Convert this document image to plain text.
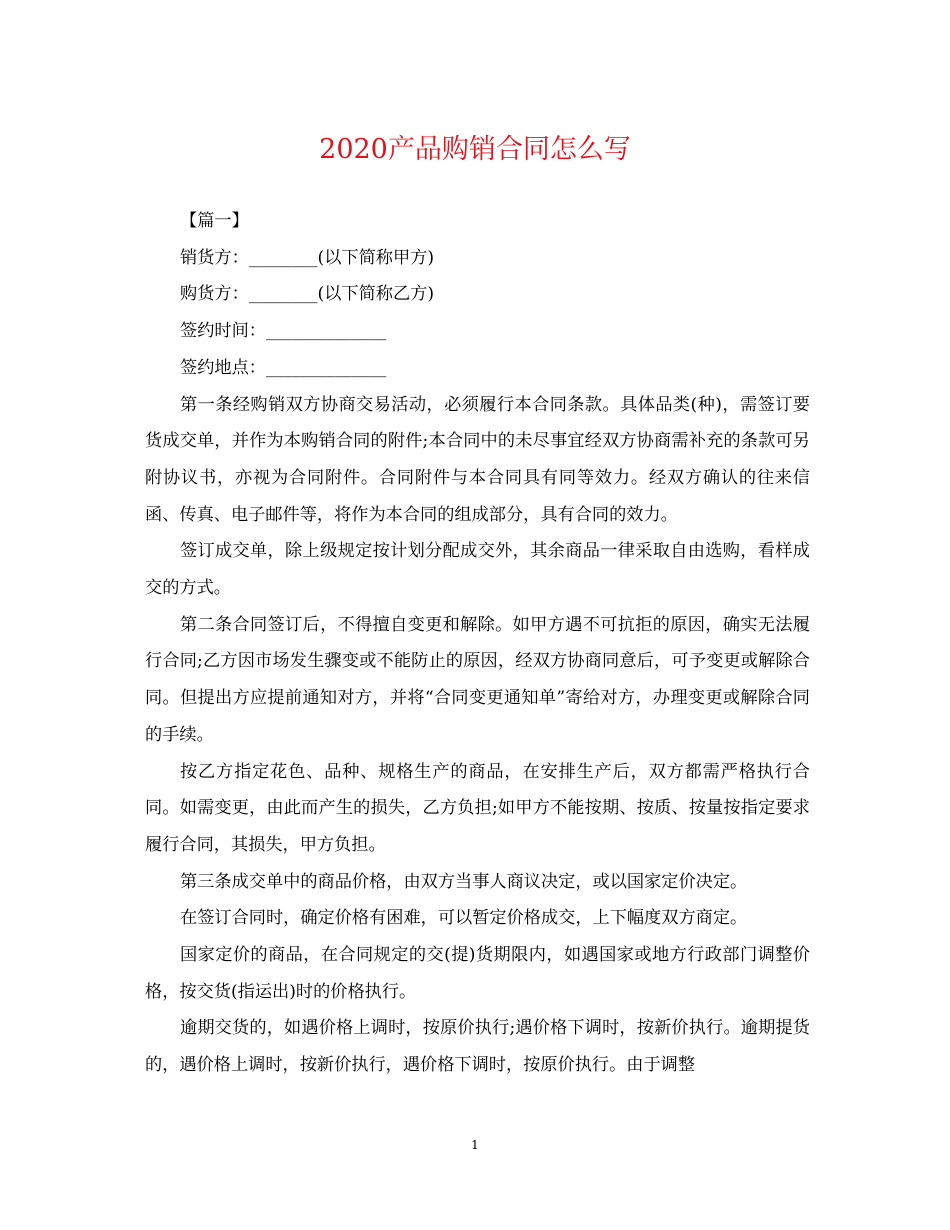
2020产品购销合同怎么写

【篇一】

销货方：________(以下简称甲方)

购货方：________(以下简称乙方)

签约时间：______________

签约地点：______________

第一条经购销双方协商交易活动，必须履行本合同条款。具体品类(种)，需签订要货成交单，并作为本购销合同的附件;本合同中的未尽事宜经双方协商需补充的条款可另附协议书，亦视为合同附件。合同附件与本合同具有同等效力。经双方确认的往来信函、传真、电子邮件等，将作为本合同的组成部分，具有合同的效力。

签订成交单，除上级规定按计划分配成交外，其余商品一律采取自由选购，看样成交的方式。

第二条合同签订后，不得擅自变更和解除。如甲方遇不可抗拒的原因，确实无法履行合同;乙方因市场发生骤变或不能防止的原因，经双方协商同意后，可予变更或解除合同。但提出方应提前通知对方，并将“合同变更通知单”寄给对方，办理变更或解除合同的手续。

按乙方指定花色、品种、规格生产的商品，在安排生产后，双方都需严格执行合同。如需变更，由此而产生的损失，乙方负担;如甲方不能按期、按质、按量按指定要求履行合同，其损失，甲方负担。

第三条成交单中的商品价格，由双方当事人商议决定，或以国家定价决定。

在签订合同时，确定价格有困难，可以暂定价格成交，上下幅度双方商定。

国家定价的商品，在合同规定的交(提)货期限内，如遇国家或地方行政部门调整价格，按交货(指运出)时的价格执行。

逾期交货的，如遇价格上调时，按原价执行;遇价格下调时，按新价执行。逾期提货的，遇价格上调时，按新价执行，遇价格下调时，按原价执行。由于调整

1
